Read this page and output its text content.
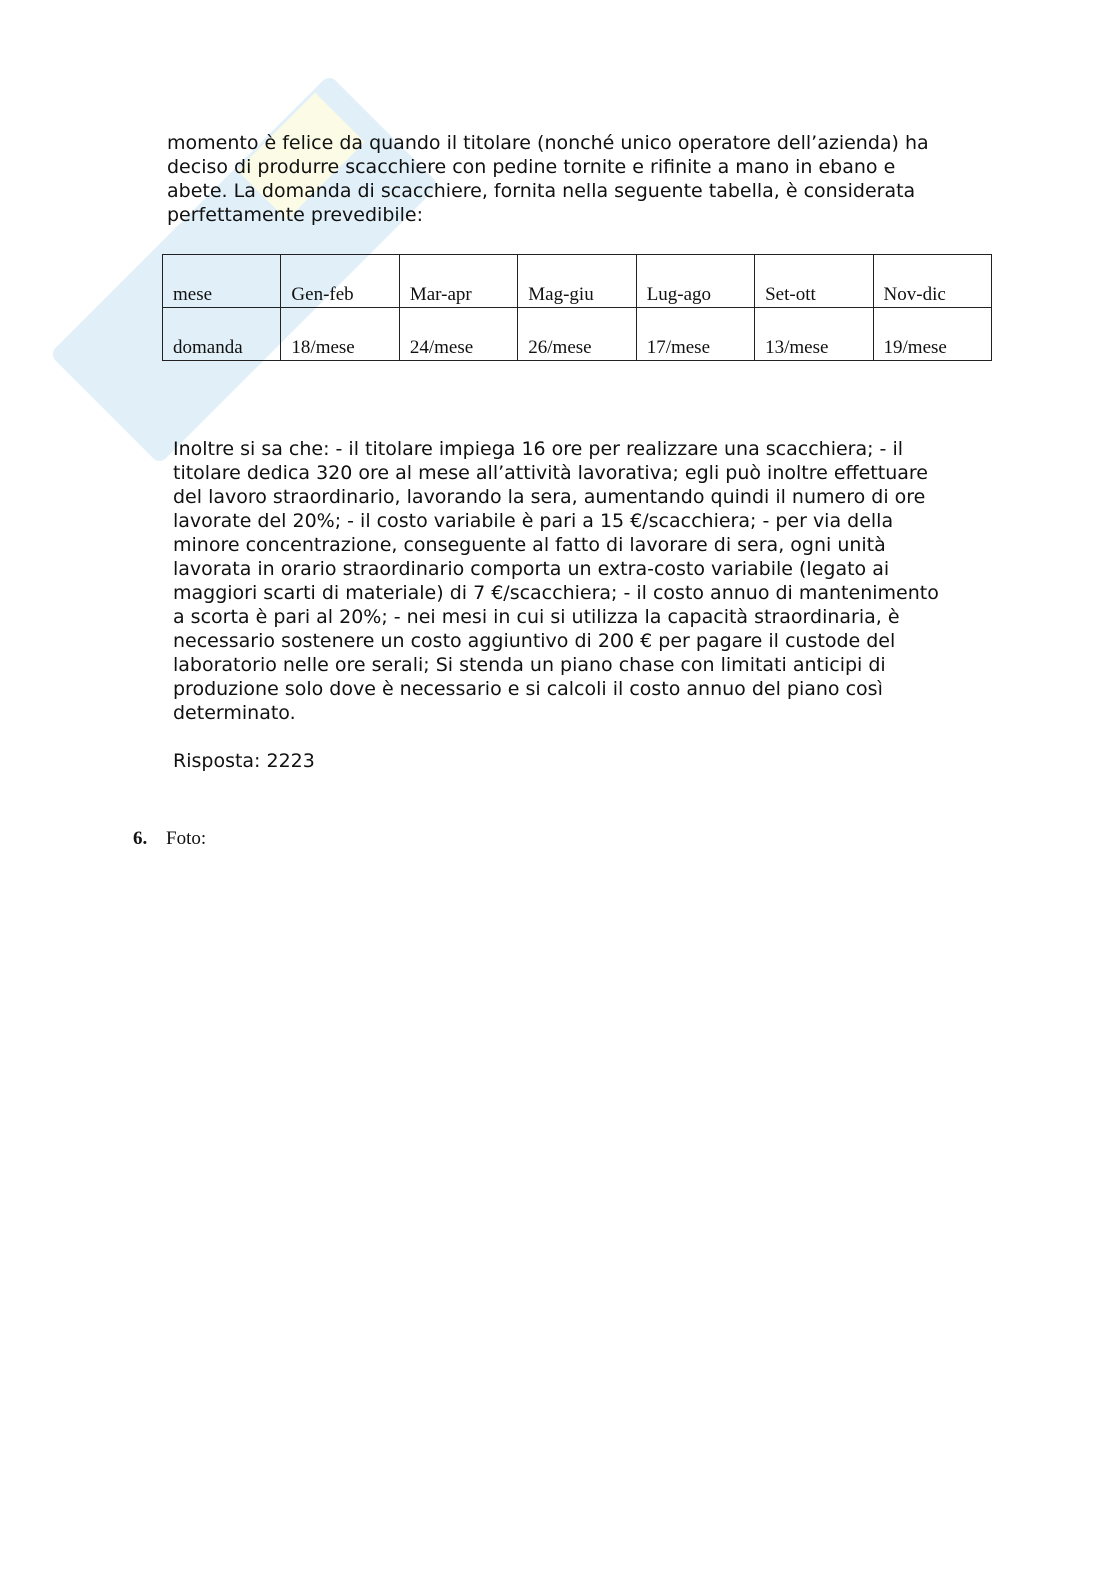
momento è felice da quando il titolare (nonché unico operatore dell’azienda) ha
deciso di produrre scacchiere con pedine tornite e rifinite a mano in ebano e
abete. La domanda di scacchiere, fornita nella seguente tabella, è considerata
perfettamente prevedibile:
mese	Gen-feb	Mar-apr	Mag-giu	Lug-ago	Set-ott	Nov-dic
domanda	18/mese	24/mese	26/mese	17/mese	13/mese	19/mese
Inoltre si sa che: - il titolare impiega 16 ore per realizzare una scacchiera; - il
titolare dedica 320 ore al mese all’attività lavorativa; egli può inoltre effettuare
del lavoro straordinario, lavorando la sera, aumentando quindi il numero di ore
lavorate del 20%; - il costo variabile è pari a 15 €/scacchiera; - per via della
minore concentrazione, conseguente al fatto di lavorare di sera, ogni unità
lavorata in orario straordinario comporta un extra-costo variabile (legato ai
maggiori scarti di materiale) di 7 €/scacchiera; - il costo annuo di mantenimento
a scorta è pari al 20%; - nei mesi in cui si utilizza la capacità straordinaria, è
necessario sostenere un costo aggiuntivo di 200 € per pagare il custode del
laboratorio nelle ore serali; Si stenda un piano chase con limitati anticipi di
produzione solo dove è necessario e si calcoli il costo annuo del piano così
determinato.
Risposta: 2223
6. Foto:
